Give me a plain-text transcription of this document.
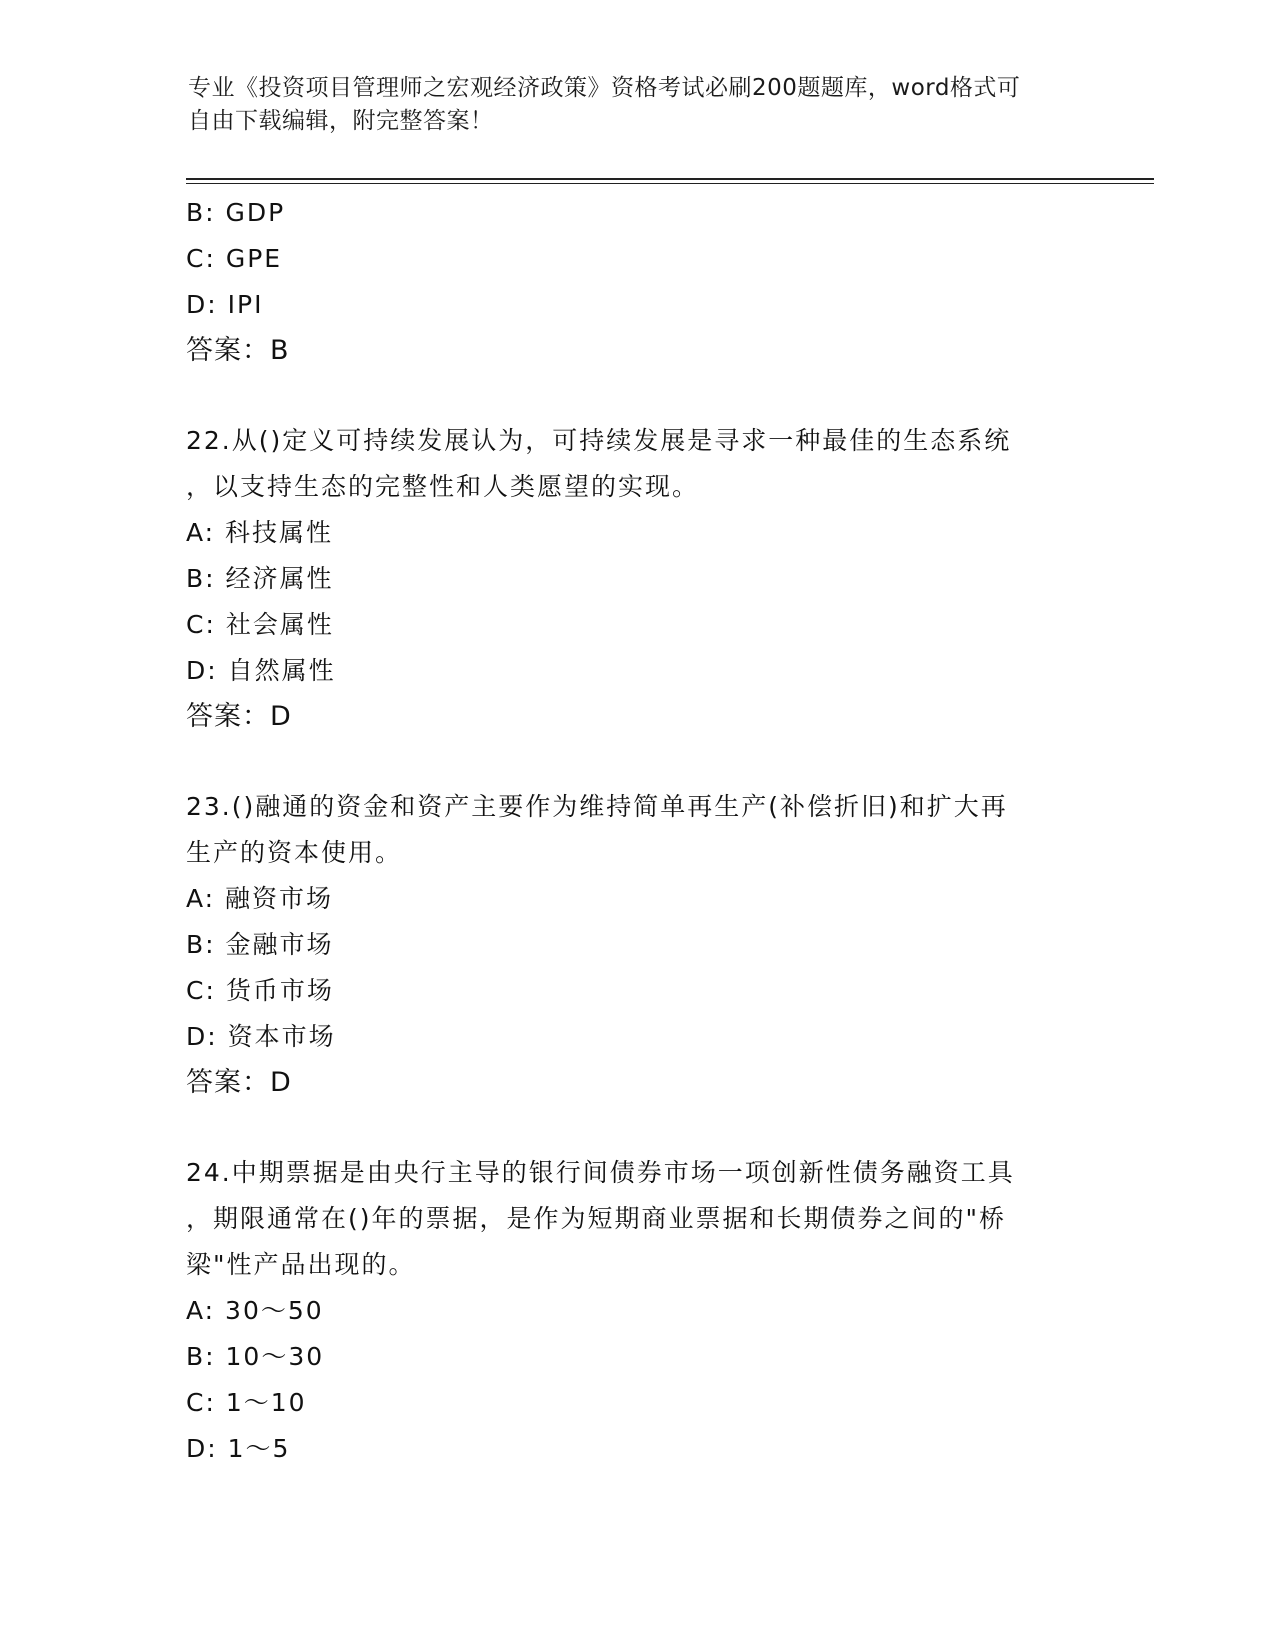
专业《投资项目管理师之宏观经济政策》资格考试必刷200题题库，word格式可
自由下载编辑，附完整答案！
B: GDP
C: GPE
D: IPI
答案：B
22.从()定义可持续发展认为，可持续发展是寻求一种最佳的生态系统
，以支持生态的完整性和人类愿望的实现。
A: 科技属性
B: 经济属性
C: 社会属性
D: 自然属性
答案：D
23.()融通的资金和资产主要作为维持简单再生产(补偿折旧)和扩大再
生产的资本使用。
A: 融资市场
B: 金融市场
C: 货币市场
D: 资本市场
答案：D
24.中期票据是由央行主导的银行间债券市场一项创新性债务融资工具
，期限通常在()年的票据，是作为短期商业票据和长期债券之间的"桥
梁"性产品出现的。
A: 30～50
B: 10～30
C: 1～10
D: 1～5
